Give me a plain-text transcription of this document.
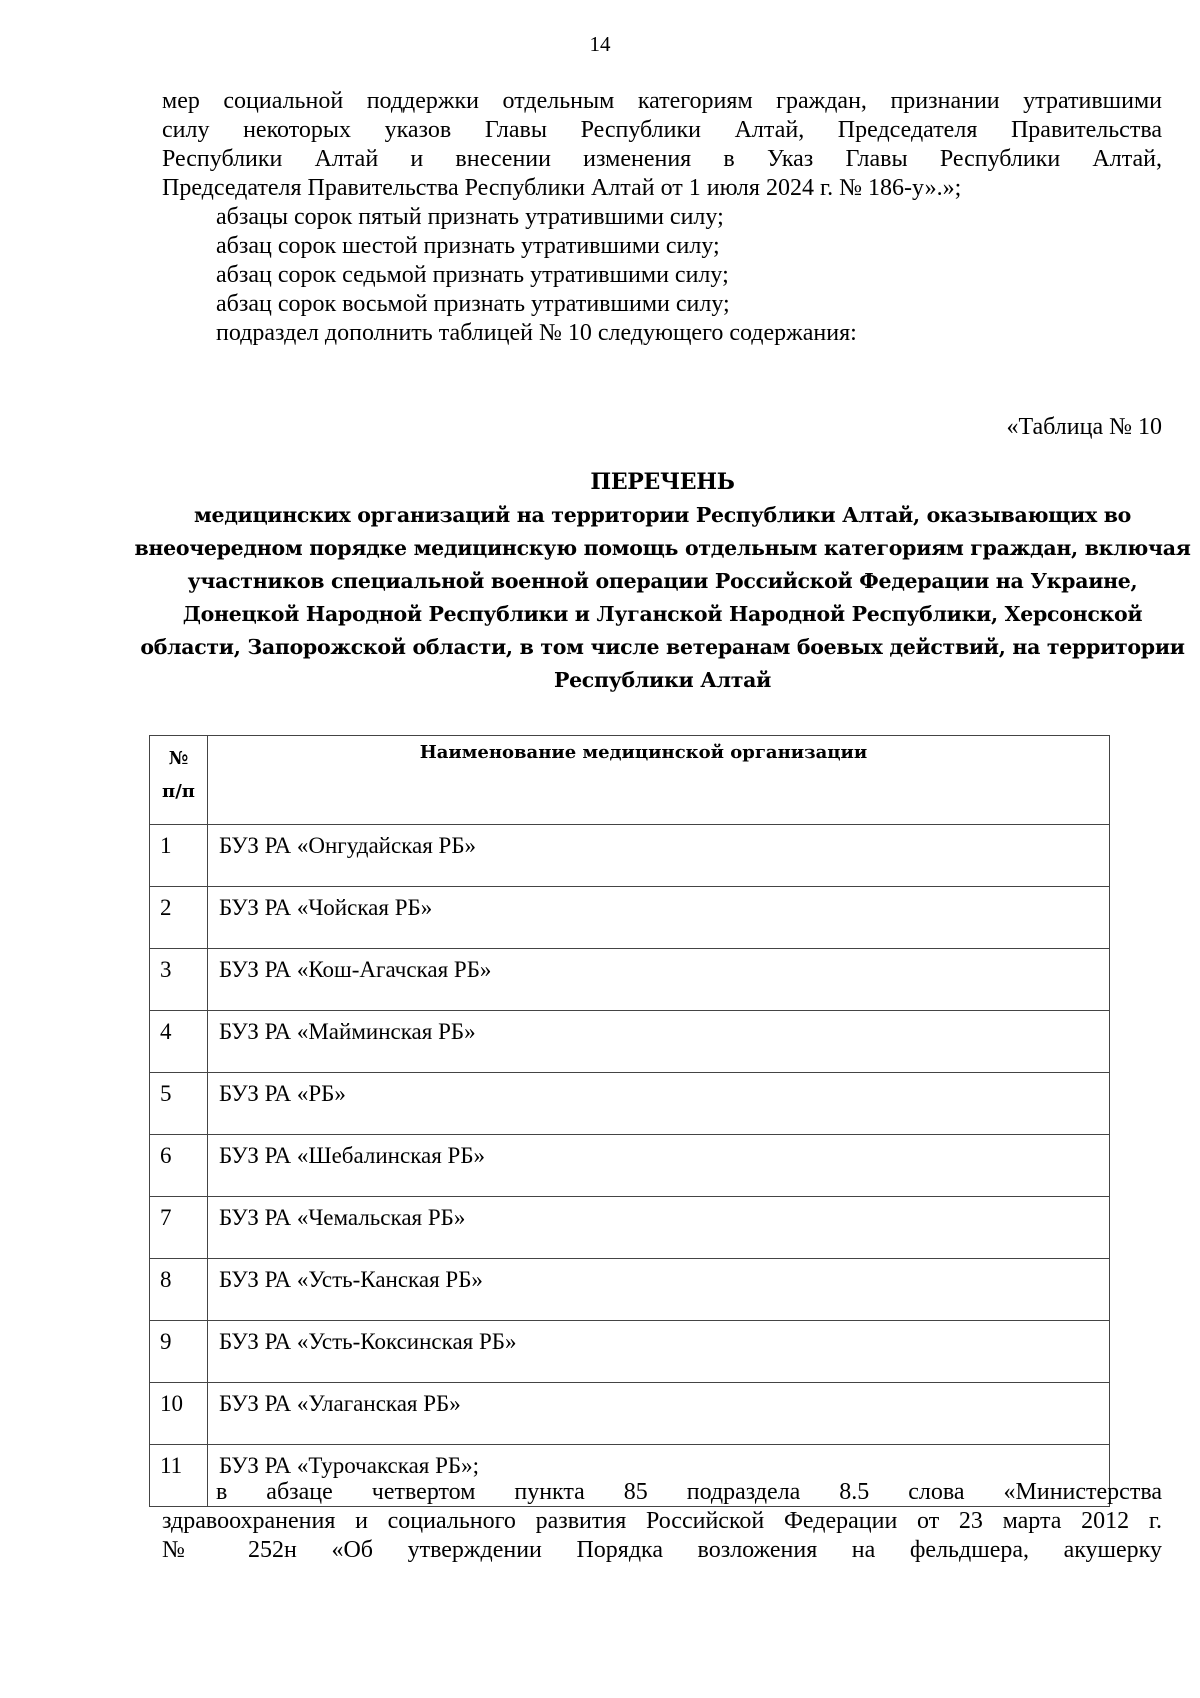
14
мер социальной поддержки отдельным категориям граждан, признании утратившими
силу некоторых указов Главы Республики Алтай, Председателя Правительства
Республики Алтай и внесении изменения в Указ Главы Республики Алтай,
Председателя Правительства Республики Алтай от 1 июля 2024 г. № 186-у».»;
абзацы сорок пятый признать утратившими силу;
абзац сорок шестой признать утратившими силу;
абзац сорок седьмой признать утратившими силу;
абзац сорок восьмой признать утратившими силу;
подраздел дополнить таблицей № 10 следующего содержания:
«Таблица № 10
ПЕРЕЧЕНЬ
медицинских организаций на территории Республики Алтай, оказывающих во
внеочередном порядке медицинскую помощь отдельным категориям граждан, включая
участников специальной военной операции Российской Федерации на Украине,
Донецкой Народной Республики и Луганской Народной Республики, Херсонской
области, Запорожской области, в том числе ветеранам боевых действий, на территории
Республики Алтай
№
п/п	Наименование медицинской организации
1	БУЗ РА «Онгудайская РБ»
2	БУЗ РА «Чойская РБ»
3	БУЗ РА «Кош-Агачская РБ»
4	БУЗ РА «Майминская РБ»
5	БУЗ РА «РБ»
6	БУЗ РА «Шебалинская РБ»
7	БУЗ РА «Чемальская РБ»
8	БУЗ РА «Усть-Канская РБ»
9	БУЗ РА «Усть-Коксинская РБ»
10	БУЗ РА «Улаганская РБ»
11	БУЗ РА «Турочакская РБ»;
в абзаце четвертом пункта 85 подраздела 8.5 слова «Министерства
здравоохранения и социального развития Российской Федерации от 23 марта 2012 г.
№ 252н «Об утверждении Порядка возложения на фельдшера, акушерку
